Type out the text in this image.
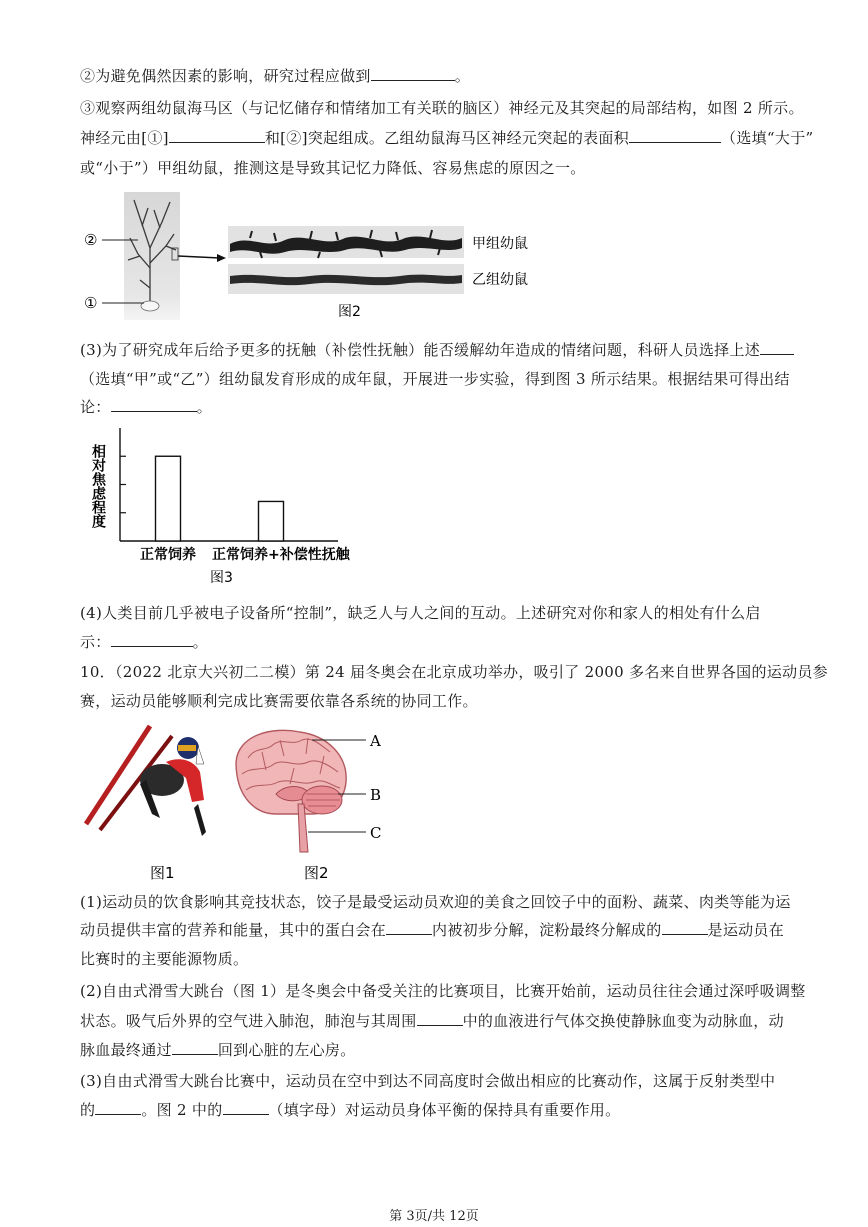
②为避免偶然因素的影响，研究过程应做到	。
③观察两组幼鼠海马区（与记忆储存和情绪加工有关联的脑区）神经元及其突起的局部结构，如图 2 所示。
神经元由[①]	和[②]突起组成。乙组幼鼠海马区神经元突起的表面积	（选填“大于”
或“小于”）甲组幼鼠，推测这是导致其记忆力降低、容易焦虑的原因之一。
②
①
甲组幼鼠
乙组幼鼠
图2
(3)为了研究成年后给予更多的抚触（补偿性抚触）能否缓解幼年造成的情绪问题，科研人员选择上述
（选填“甲”或“乙”）组幼鼠发育形成的成年鼠，开展进一步实验，得到图 3 所示结果。根据结果可得出结
论：	。
正常饲养 正常饲养+补偿性抚触
相对焦虑程度
图3
(4)人类目前几乎被电子设备所“控制”，缺乏人与人之间的互动。上述研究对你和家人的相处有什么启
示：	。
10．（2022 北京大兴初二二模）第 24 届冬奥会在北京成功举办，吸引了 2000 多名来自世界各国的运动员参
赛，运动员能够顺利完成比赛需要依靠各系统的协同工作。
A
B
C
图1	图2
(1)运动员的饮食影响其竞技状态，饺子是最受运动员欢迎的美食之回饺子中的面粉、蔬菜、肉类等能为运
动员提供丰富的营养和能量，其中的蛋白会在	内被初步分解，淀粉最终分解成的	是运动员在
比赛时的主要能源物质。
(2)自由式滑雪大跳台（图 1）是冬奥会中备受关注的比赛项目，比赛开始前，运动员往往会通过深呼吸调整
状态。吸气后外界的空气进入肺泡，肺泡与其周围	中的血液进行气体交换使静脉血变为动脉血，动
脉血最终通过	回到心脏的左心房。
(3)自由式滑雪大跳台比赛中，运动员在空中到达不同高度时会做出相应的比赛动作，这属于反射类型中
的	。图 2 中的	（填字母）对运动员身体平衡的保持具有重要作用。
第 3页/共 12页
